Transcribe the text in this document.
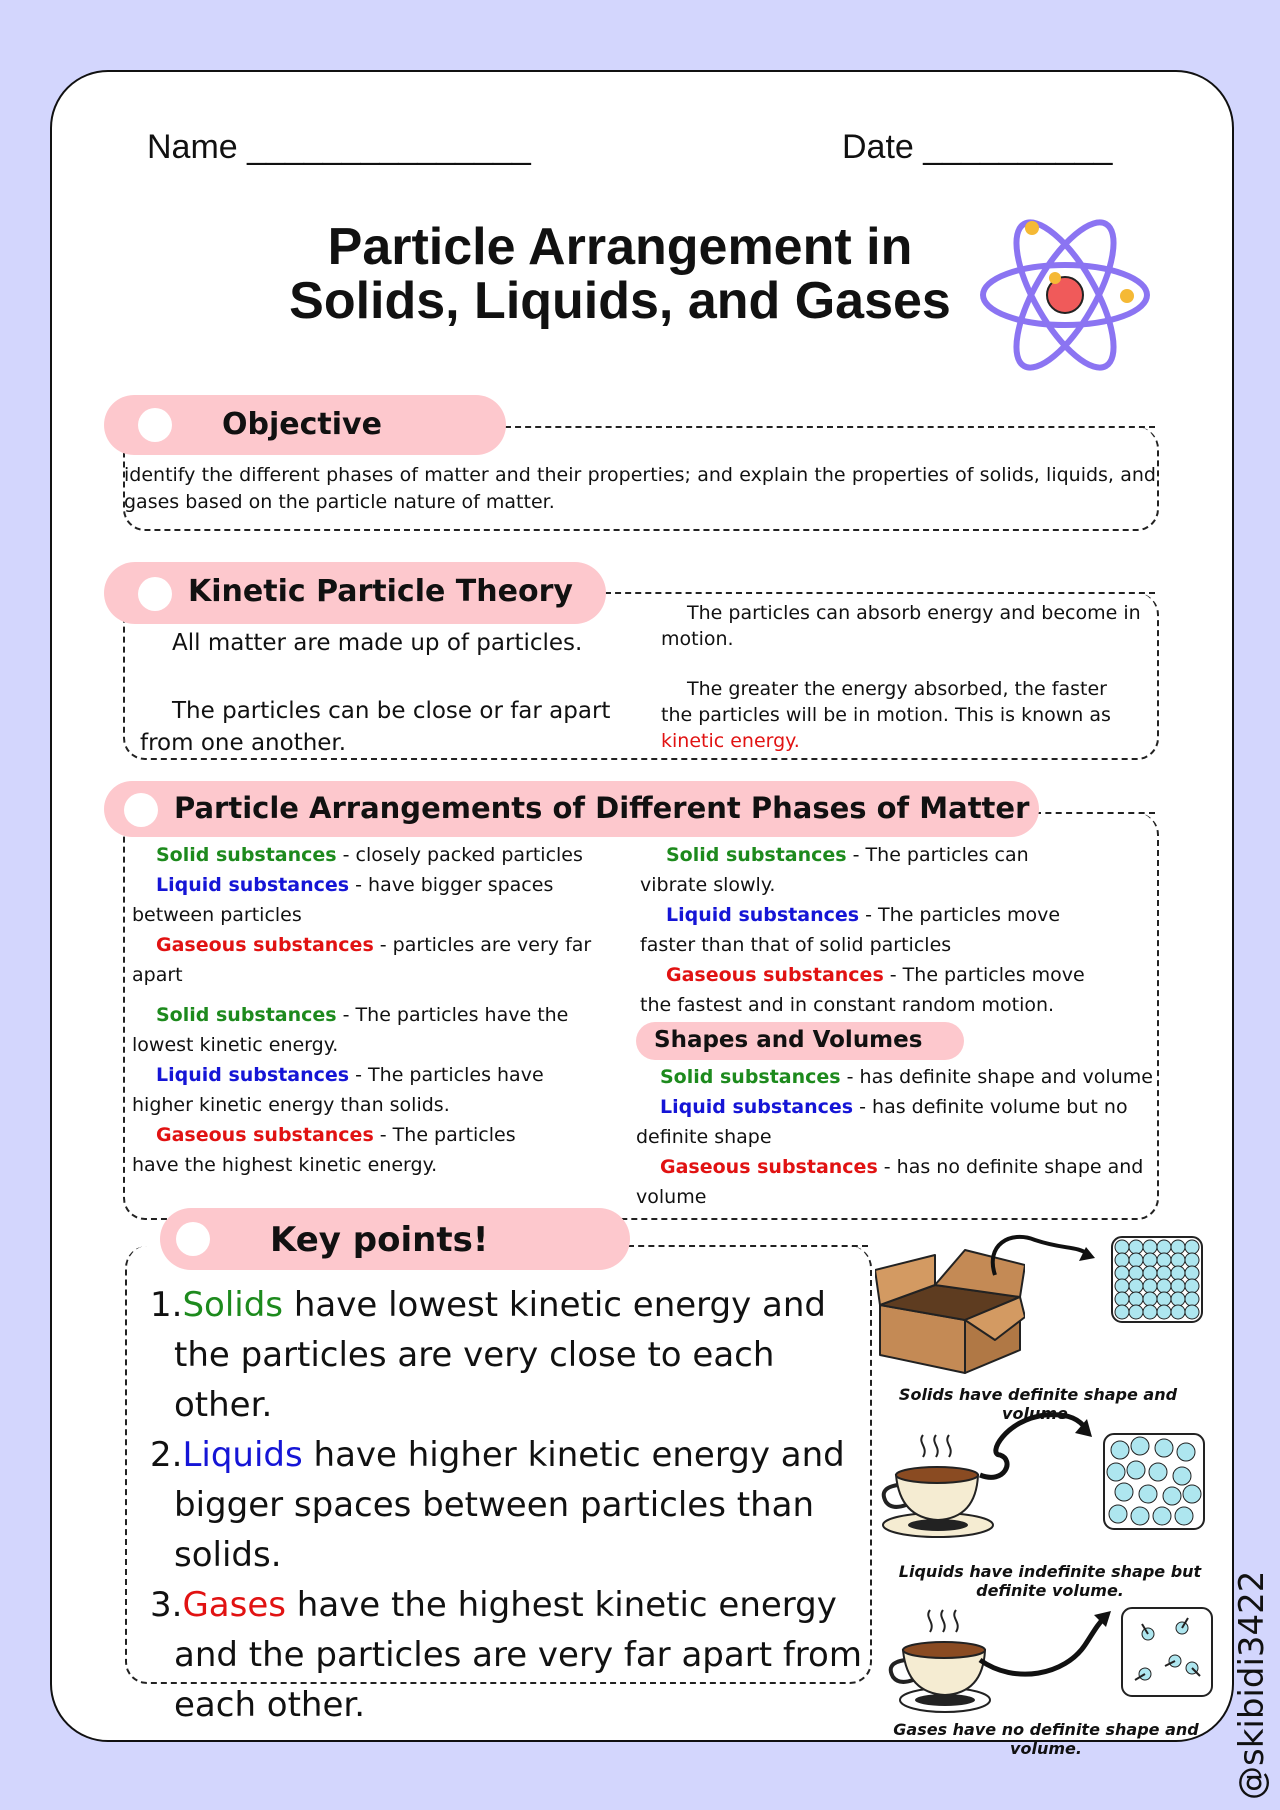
Name _______________	Date __________
Particle Arrangement in
Solids, Liquids, and Gases
Objective

identify the different phases of matter and their properties; and explain the properties of solids, liquids, and gases based on the particle nature of matter.

Kinetic Particle Theory

All matter are made up of particles.

The particles can be close or far apart from one another.

The particles can absorb energy and become in motion.

The greater the energy absorbed, the faster the particles will be in motion. This is known as kinetic energy.

Particle Arrangements of Different Phases of Matter

Solid substances - closely packed particles

Liquid substances - have bigger spaces between particles

Gaseous substances - particles are very far apart

Solid substances - The particles have the lowest kinetic energy.

Liquid substances - The particles have higher kinetic energy than solids.

Gaseous substances - The particles have the highest kinetic energy.

Solid substances - The particles can vibrate slowly.

Liquid substances - The particles move faster than that of solid particles

Gaseous substances - The particles move the fastest and in constant random motion.

Shapes and Volumes

Solid substances - has definite shape and volume

Liquid substances - has definite volume but no definite shape

Gaseous substances - has no definite shape and volume

Key points!

1.Solids have lowest kinetic energy and the particles are very close to each other.

2.Liquids have higher kinetic energy and bigger spaces between particles than solids.

3.Gases have the highest kinetic energy and the particles are very far apart from each other.

Solids have definite shape and volume.
Liquids have indefinite shape but definite volume.
Gases have no definite shape and volume.	@skibidi3422
